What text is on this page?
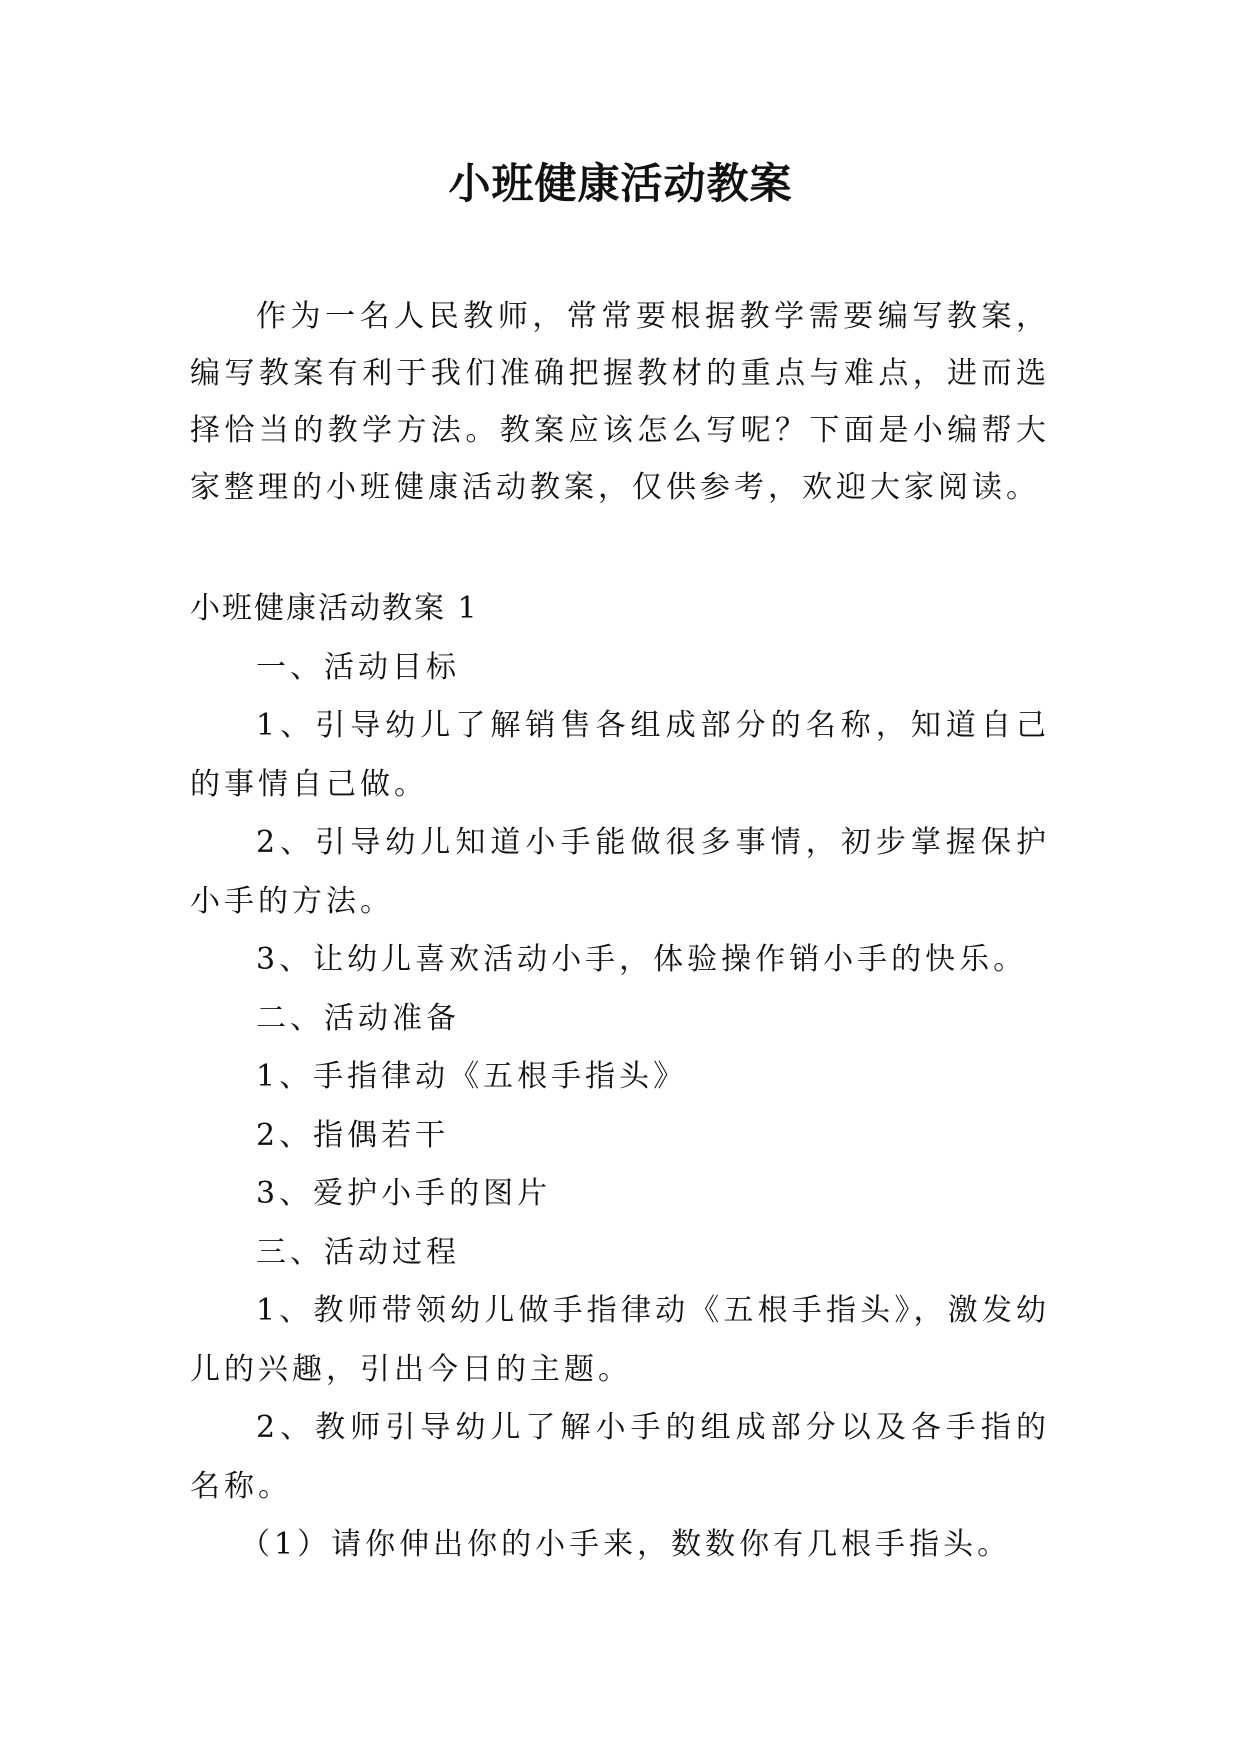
小班健康活动教案

作为一名人民教师，常常要根据教学需要编写教案，编写教案有利于我们准确把握教材的重点与难点，进而选择恰当的教学方法。教案应该怎么写呢？下面是小编帮大家整理的小班健康活动教案，仅供参考，欢迎大家阅读。

小班健康活动教案 1

一、活动目标

1、引导幼儿了解销售各组成部分的名称，知道自己的事情自己做。

2、引导幼儿知道小手能做很多事情，初步掌握保护小手的方法。

3、让幼儿喜欢活动小手，体验操作销小手的快乐。

二、活动准备

1、手指律动《五根手指头》

2、指偶若干

3、爱护小手的图片

三、活动过程

1、教师带领幼儿做手指律动《五根手指头》，激发幼儿的兴趣，引出今日的主题。

2、教师引导幼儿了解小手的组成部分以及各手指的名称。

（1）请你伸出你的小手来，数数你有几根手指头。
